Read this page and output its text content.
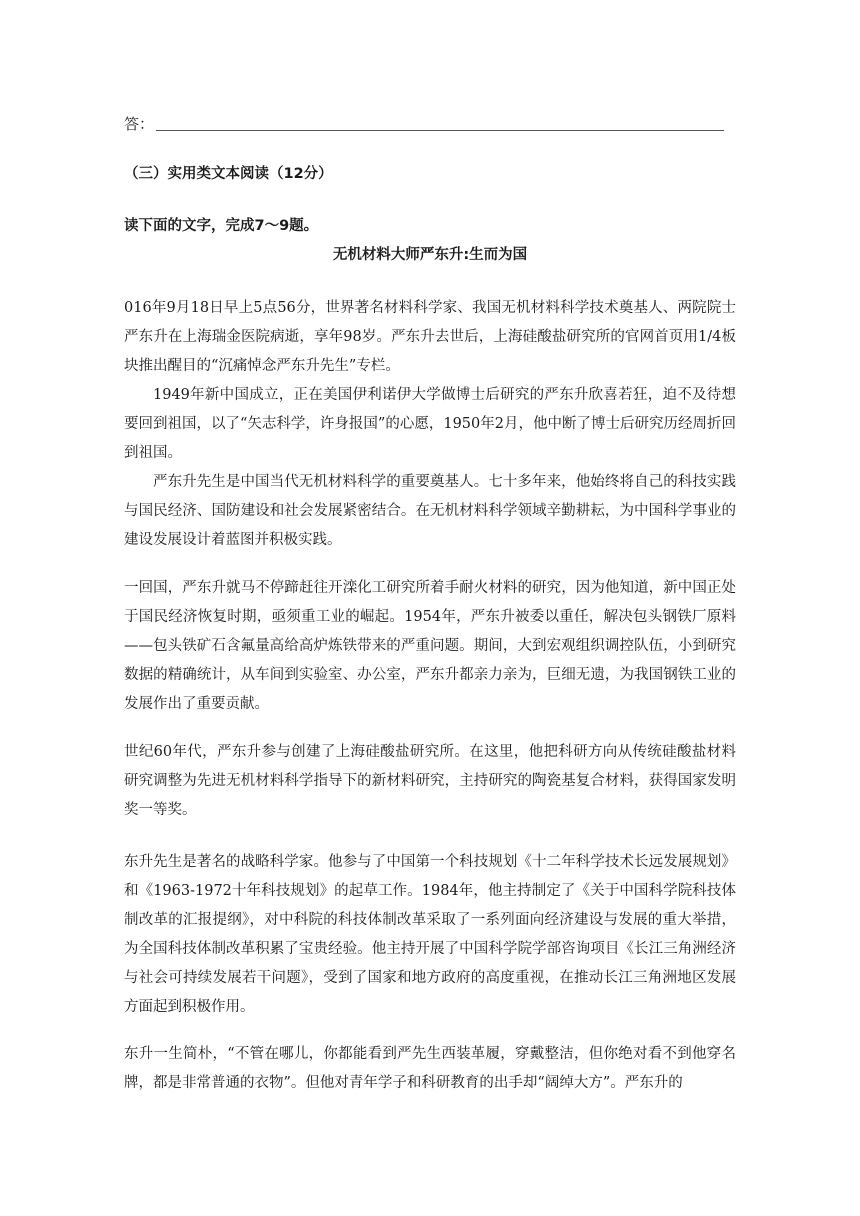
答：
（三）实用类文本阅读（12分）
读下面的文字，完成7～9题。
无机材料大师严东升:生而为国

016年9月18日早上5点56分，世界著名材料科学家、我国无机材料科学技术奠基人、两院院士严东升在上海瑞金医院病逝，享年98岁。严东升去世后，上海硅酸盐研究所的官网首页用1/4板块推出醒目的“沉痛悼念严东升先生”专栏。

1949年新中国成立，正在美国伊利诺伊大学做博士后研究的严东升欣喜若狂，迫不及待想要回到祖国，以了“矢志科学，许身报国”的心愿，1950年2月，他中断了博士后研究历经周折回到祖国。

严东升先生是中国当代无机材料科学的重要奠基人。七十多年来，他始终将自己的科技实践与国民经济、国防建设和社会发展紧密结合。在无机材料科学领域辛勤耕耘，为中国科学事业的建设发展设计着蓝图并积极实践。

一回国，严东升就马不停蹄赶往开滦化工研究所着手耐火材料的研究，因为他知道，新中国正处于国民经济恢复时期，亟须重工业的崛起。1954年，严东升被委以重任，解决包头钢铁厂原料——包头铁矿石含氟量高给高炉炼铁带来的严重问题。期间，大到宏观组织调控队伍，小到研究数据的精确统计，从车间到实验室、办公室，严东升都亲力亲为，巨细无遗，为我国钢铁工业的发展作出了重要贡献。

世纪60年代，严东升参与创建了上海硅酸盐研究所。在这里，他把科研方向从传统硅酸盐材料研究调整为先进无机材料科学指导下的新材料研究，主持研究的陶瓷基复合材料，获得国家发明奖一等奖。

东升先生是著名的战略科学家。他参与了中国第一个科技规划《十二年科学技术长远发展规划》和《1963-1972十年科技规划》的起草工作。1984年，他主持制定了《关于中国科学院科技体制改革的汇报提纲》，对中科院的科技体制改革采取了一系列面向经济建设与发展的重大举措，为全国科技体制改革积累了宝贵经验。他主持开展了中国科学院学部咨询项目《长江三角洲经济与社会可持续发展若干问题》，受到了国家和地方政府的高度重视，在推动长江三角洲地区发展方面起到积极作用。

东升一生简朴，“不管在哪儿，你都能看到严先生西装革履，穿戴整洁，但你绝对看不到他穿名牌，都是非常普通的衣物”。但他对青年学子和科研教育的出手却“阔绰大方”。严东升的
